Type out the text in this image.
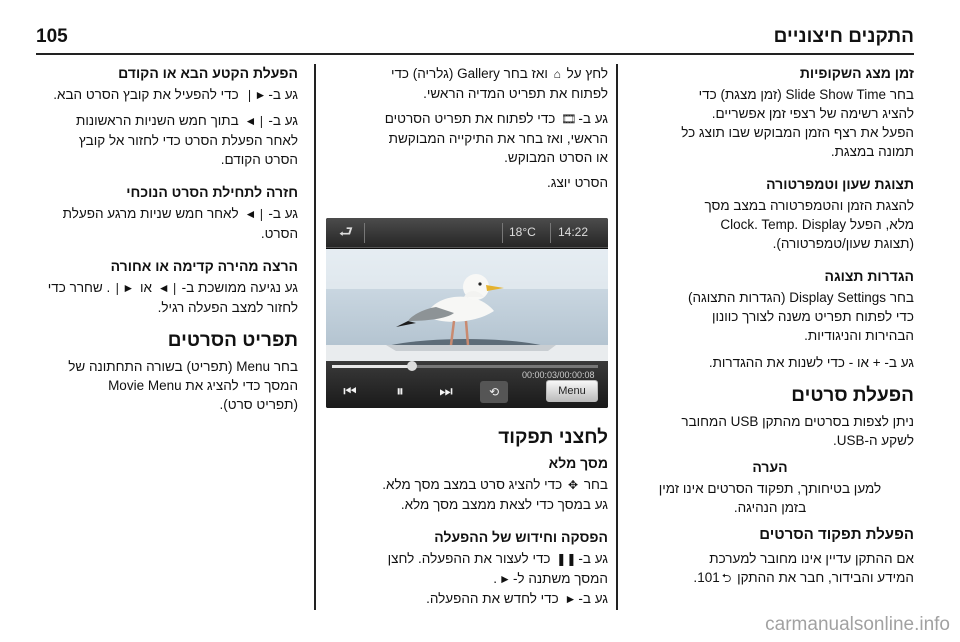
105	התקנים חיצוניים
זמן מצג השקופיות

בחר Slide Show Time (זמן מצגת) כדי
להציג רשימה של רצפי זמן אפשריים.
הפעל את רצף הזמן המבוקש שבו תוצג כל
תמונה במצגת.

תצוגת שעון וטמפרטורה

להצגת הזמן והטמפרטורה במצב מסך
מלא, הפעל Clock. Temp. Display
(תצוגת שעון/טמפרטורה).

הגדרות תצוגה

בחר Display Settings (הגדרות התצוגה)
כדי לפתוח תפריט משנה לצורך כוונון
הבהירות והניגודיות.

גע ב- + או - כדי לשנות את ההגדרות.

הפעלת סרטים

ניתן לצפות בסרטים מהתקן USB המחובר
לשקע ה-USB.

הערה

למען בטיחותך, תפקוד הסרטים אינו זמין
בזמן הנהיגה.

הפעלת תפקוד הסרטים

אם ההתקן עדיין אינו מחובר למערכת
המידע והבידור, חבר את ההתקן ⮌101.

לחץ על ⌂ ואז בחר Gallery (גלריה) כדי
לפתוח את תפריט המדיה הראשי.

גע ב-🎞 כדי לפתוח את תפריט הסרטים
הראשי, ואז בחר את התיקייה המבוקשת
או הסרט המבוקש.

הסרט יוצג.

⮐	18°C 14:22
00:00:03/00:00:08
⏮	⏸	⏭	⟲	Menu
לחצני תפקוד
מסך מלא

בחר ✥ כדי להציג סרט במצב מסך מלא.
גע במסך כדי לצאת ממצב מסך מלא.

הפסקה וחידוש של ההפעלה

גע ב-❚❚ כדי לעצור את ההפעלה. לחצן
המסך משתנה ל-►.
גע ב-► כדי לחדש את ההפעלה.

הפעלת הקטע הבא או הקודם

גע ב-►❘ כדי להפעיל את קובץ הסרט הבא.

גע ב-❘◄ בתוך חמש השניות הראשונות
לאחר הפעלת הסרט כדי לחזור אל קובץ
הסרט הקודם.

חזרה לתחילת הסרט הנוכחי

גע ב-❘◄ לאחר חמש שניות מרגע הפעלת
הסרט.

הרצה מהירה קדימה או אחורה

גע נגיעה ממושכת ב-❘◄ או ►❘. שחרר כדי
לחזור למצב הפעלה רגיל.

תפריט הסרטים

בחר Menu (תפריט) בשורה התחתונה של
המסך כדי להציג את Movie Menu
(תפריט סרט).

carmanualsonline.info
